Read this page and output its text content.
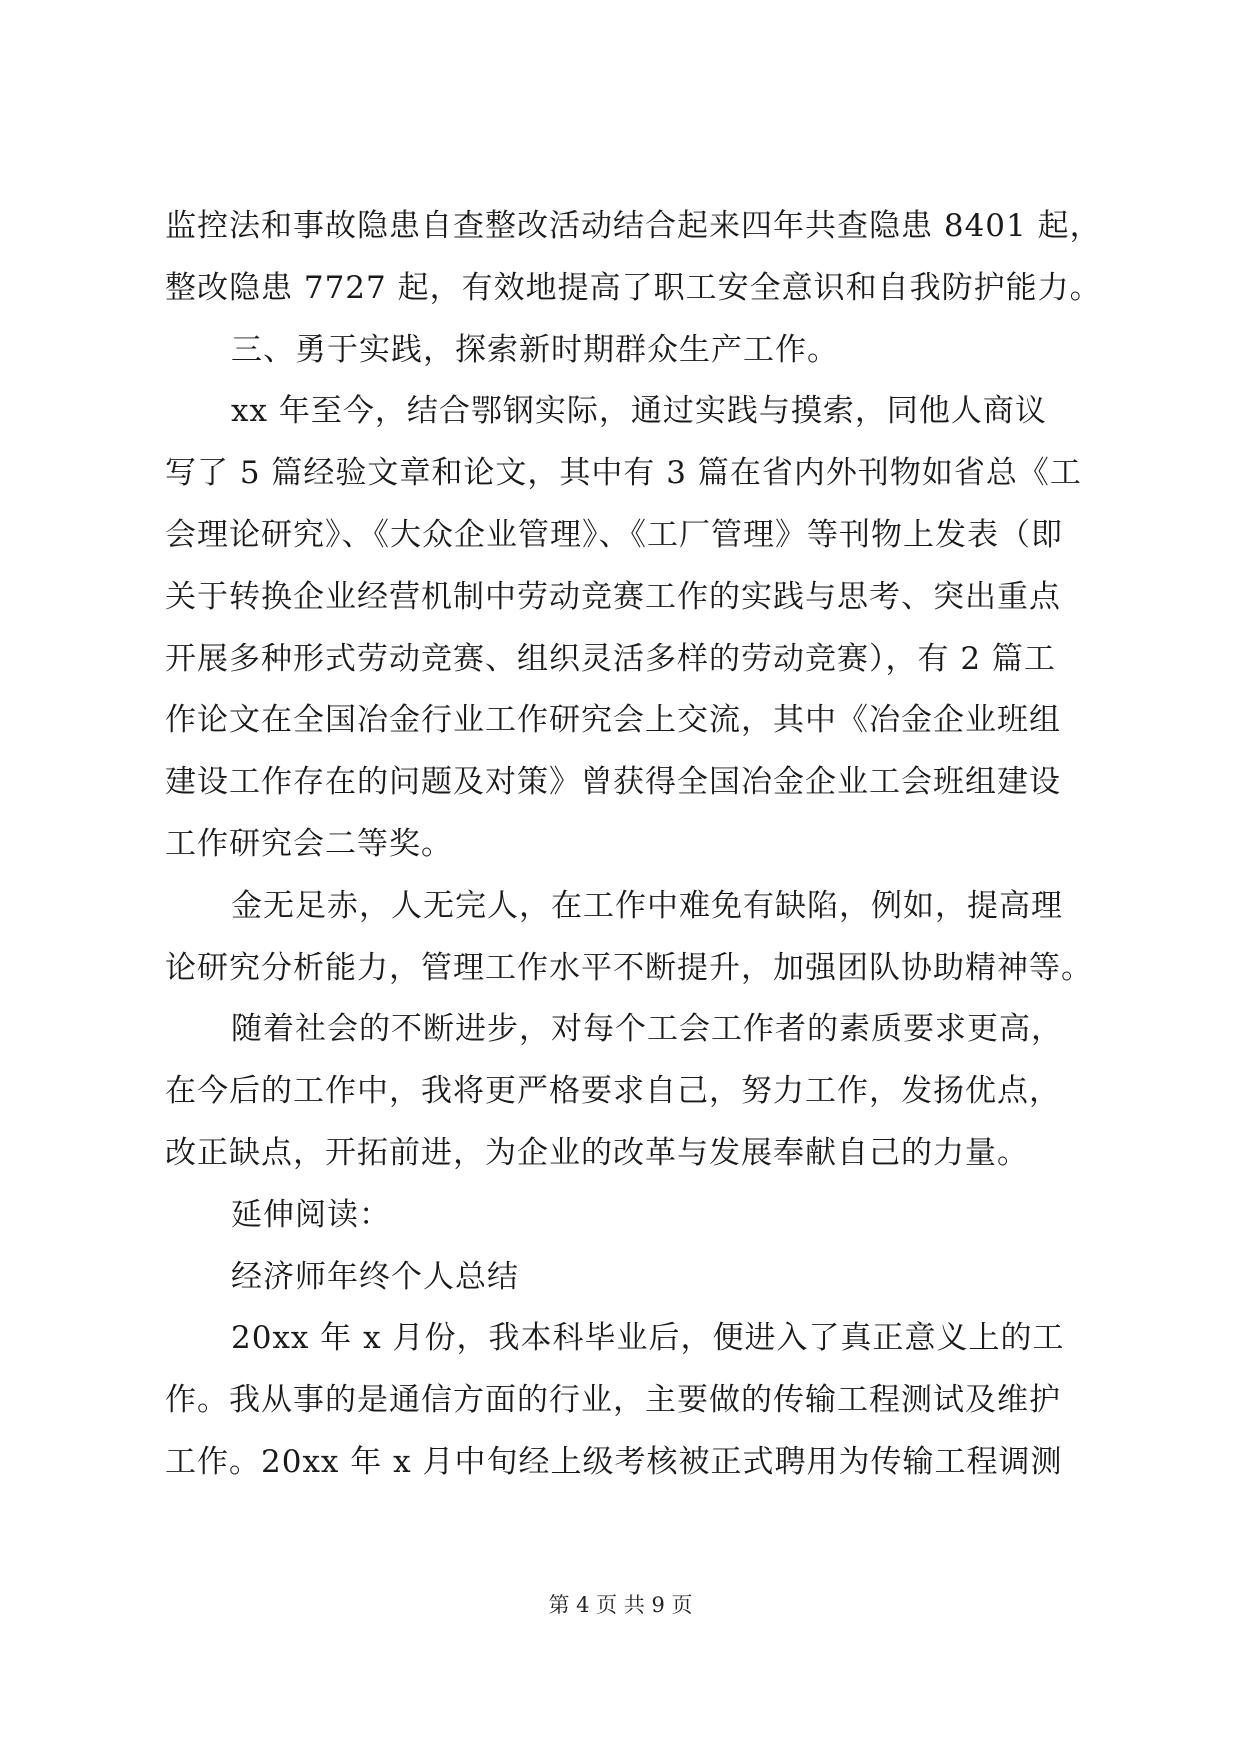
监控法和事故隐患自查整改活动结合起来四年共查隐患 8401 起，
整改隐患 7727 起，有效地提高了职工安全意识和自我防护能力。
三、勇于实践，探索新时期群众生产工作。
xx 年至今，结合鄂钢实际，通过实践与摸索，同他人商议
写了 5 篇经验文章和论文，其中有 3 篇在省内外刊物如省总《工
会理论研究》、《大众企业管理》、《工厂管理》等刊物上发表（即
关于转换企业经营机制中劳动竞赛工作的实践与思考、突出重点
开展多种形式劳动竞赛、组织灵活多样的劳动竞赛），有 2 篇工
作论文在全国冶金行业工作研究会上交流，其中《冶金企业班组
建设工作存在的问题及对策》曾获得全国冶金企业工会班组建设
工作研究会二等奖。
金无足赤，人无完人，在工作中难免有缺陷，例如，提高理
论研究分析能力，管理工作水平不断提升，加强团队协助精神等。
随着社会的不断进步，对每个工会工作者的素质要求更高，
在今后的工作中，我将更严格要求自己，努力工作，发扬优点，
改正缺点，开拓前进，为企业的改革与发展奉献自己的力量。
延伸阅读：
经济师年终个人总结
20xx 年 x 月份，我本科毕业后，便进入了真正意义上的工
作。我从事的是通信方面的行业，主要做的传输工程测试及维护
工作。20xx 年 x 月中旬经上级考核被正式聘用为传输工程调测
第 4 页 共 9 页
